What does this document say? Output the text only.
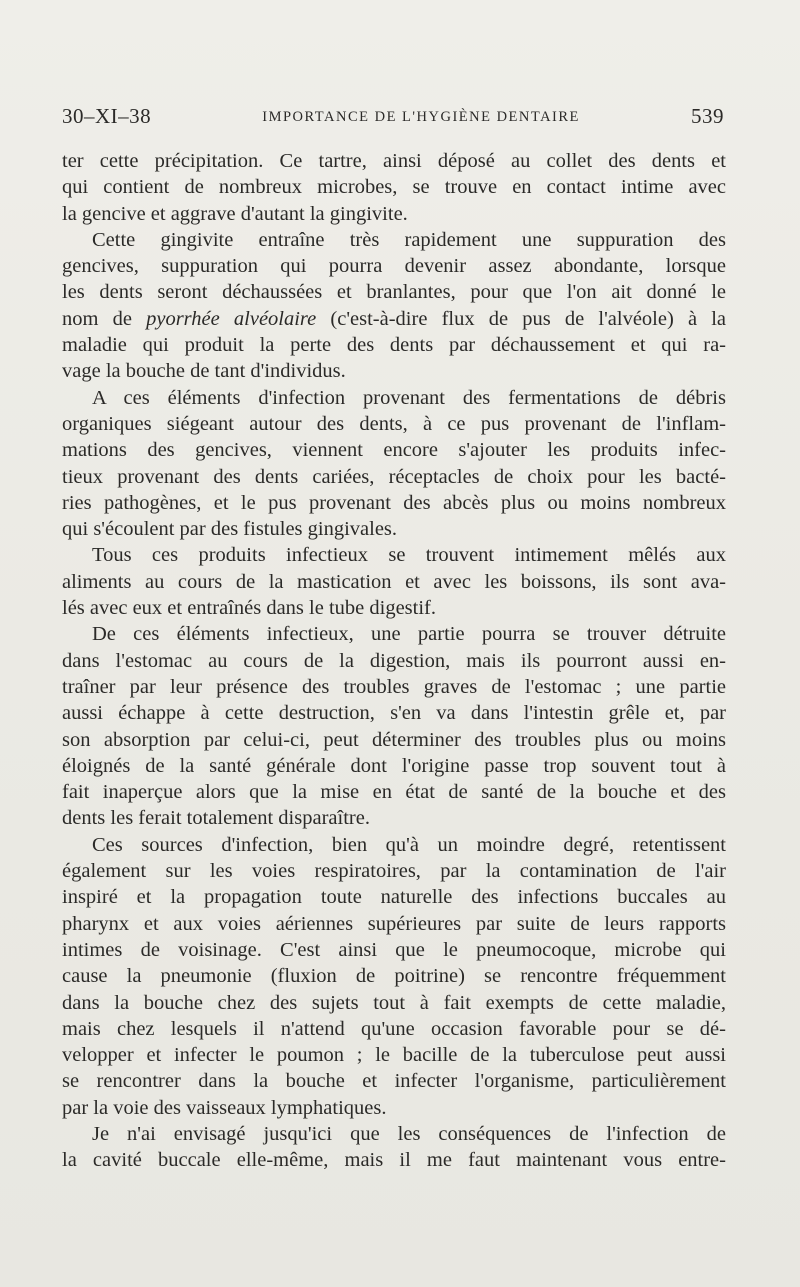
30–XI–38	IMPORTANCE DE L'HYGIÈNE DENTAIRE	539
ter cette précipitation. Ce tartre, ainsi déposé au collet des dents et
qui contient de nombreux microbes, se trouve en contact intime avec
la gencive et aggrave d'autant la gingivite.
Cette gingivite entraîne très rapidement une suppuration des
gencives, suppuration qui pourra devenir assez abondante, lorsque
les dents seront déchaussées et branlantes, pour que l'on ait donné le
nom de pyorrhée alvéolaire (c'est-à-dire flux de pus de l'alvéole) à la
maladie qui produit la perte des dents par déchaussement et qui ra-
vage la bouche de tant d'individus.
A ces éléments d'infection provenant des fermentations de débris
organiques siégeant autour des dents, à ce pus provenant de l'inflam-
mations des gencives, viennent encore s'ajouter les produits infec-
tieux provenant des dents cariées, réceptacles de choix pour les bacté-
ries pathogènes, et le pus provenant des abcès plus ou moins nombreux
qui s'écoulent par des fistules gingivales.
Tous ces produits infectieux se trouvent intimement mêlés aux
aliments au cours de la mastication et avec les boissons, ils sont ava-
lés avec eux et entraînés dans le tube digestif.
De ces éléments infectieux, une partie pourra se trouver détruite
dans l'estomac au cours de la digestion, mais ils pourront aussi en-
traîner par leur présence des troubles graves de l'estomac ; une partie
aussi échappe à cette destruction, s'en va dans l'intestin grêle et, par
son absorption par celui-ci, peut déterminer des troubles plus ou moins
éloignés de la santé générale dont l'origine passe trop souvent tout à
fait inaperçue alors que la mise en état de santé de la bouche et des
dents les ferait totalement disparaître.
Ces sources d'infection, bien qu'à un moindre degré, retentissent
également sur les voies respiratoires, par la contamination de l'air
inspiré et la propagation toute naturelle des infections buccales au
pharynx et aux voies aériennes supérieures par suite de leurs rapports
intimes de voisinage. C'est ainsi que le pneumocoque, microbe qui
cause la pneumonie (fluxion de poitrine) se rencontre fréquemment
dans la bouche chez des sujets tout à fait exempts de cette maladie,
mais chez lesquels il n'attend qu'une occasion favorable pour se dé-
velopper et infecter le poumon ; le bacille de la tuberculose peut aussi
se rencontrer dans la bouche et infecter l'organisme, particulièrement
par la voie des vaisseaux lymphatiques.
Je n'ai envisagé jusqu'ici que les conséquences de l'infection de
la cavité buccale elle-même, mais il me faut maintenant vous entre-
